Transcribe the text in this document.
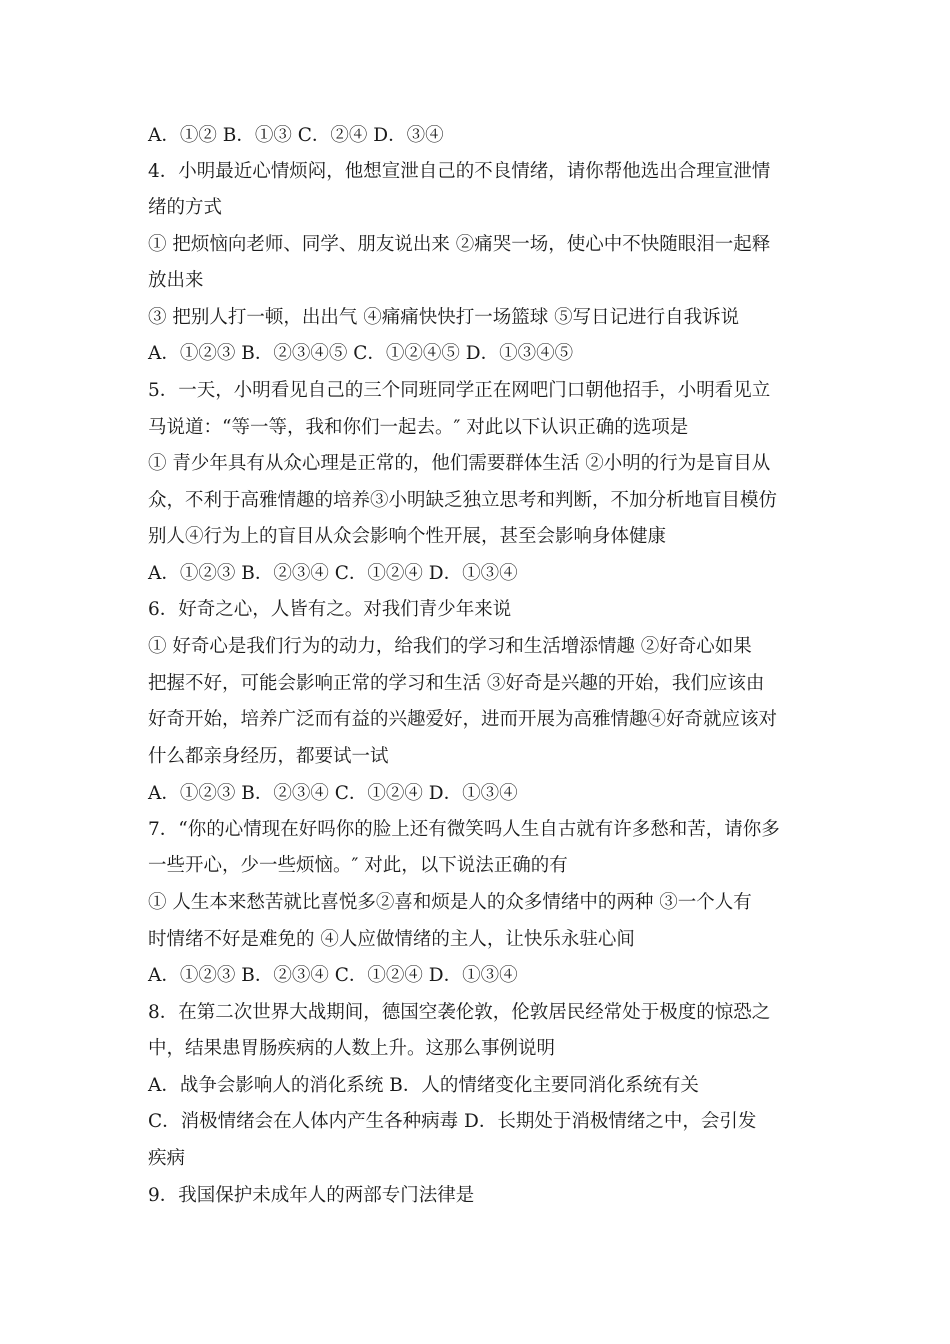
A．①② B．①③ C．②④ D．③④
4．小明最近心情烦闷，他想宣泄自己的不良情绪，请你帮他选出合理宣泄情
绪的方式
① 把烦恼向老师、同学、朋友说出来 ②痛哭一场，使心中不快随眼泪一起释
放出来
③ 把别人打一顿，出出气 ④痛痛快快打一场篮球 ⑤写日记进行自我诉说
A．①②③ B．②③④⑤ C．①②④⑤ D．①③④⑤
5．一天，小明看见自己的三个同班同学正在网吧门口朝他招手，小明看见立
马说道：“等一等，我和你们一起去。″ 对此以下认识正确的选项是
① 青少年具有从众心理是正常的，他们需要群体生活 ②小明的行为是盲目从
众，不利于高雅情趣的培养③小明缺乏独立思考和判断，不加分析地盲目模仿
别人④行为上的盲目从众会影响个性开展，甚至会影响身体健康
A．①②③ B．②③④ C．①②④ D．①③④
6．好奇之心，人皆有之。对我们青少年来说
① 好奇心是我们行为的动力，给我们的学习和生活增添情趣 ②好奇心如果
把握不好，可能会影响正常的学习和生活 ③好奇是兴趣的开始，我们应该由
好奇开始，培养广泛而有益的兴趣爱好，进而开展为高雅情趣④好奇就应该对
什么都亲身经历，都要试一试
A．①②③ B．②③④ C．①②④ D．①③④
7．“你的心情现在好吗你的脸上还有微笑吗人生自古就有许多愁和苦，请你多
一些开心，少一些烦恼。″ 对此，以下说法正确的有
① 人生本来愁苦就比喜悦多②喜和烦是人的众多情绪中的两种 ③一个人有
时情绪不好是难免的 ④人应做情绪的主人，让快乐永驻心间
A．①②③ B．②③④ C．①②④ D．①③④
8．在第二次世界大战期间，德国空袭伦敦，伦敦居民经常处于极度的惊恐之
中，结果患胃肠疾病的人数上升。这那么事例说明
A．战争会影响人的消化系统 B．人的情绪变化主要同消化系统有关
C．消极情绪会在人体内产生各种病毒 D．长期处于消极情绪之中，会引发
疾病
9．我国保护未成年人的两部专门法律是
